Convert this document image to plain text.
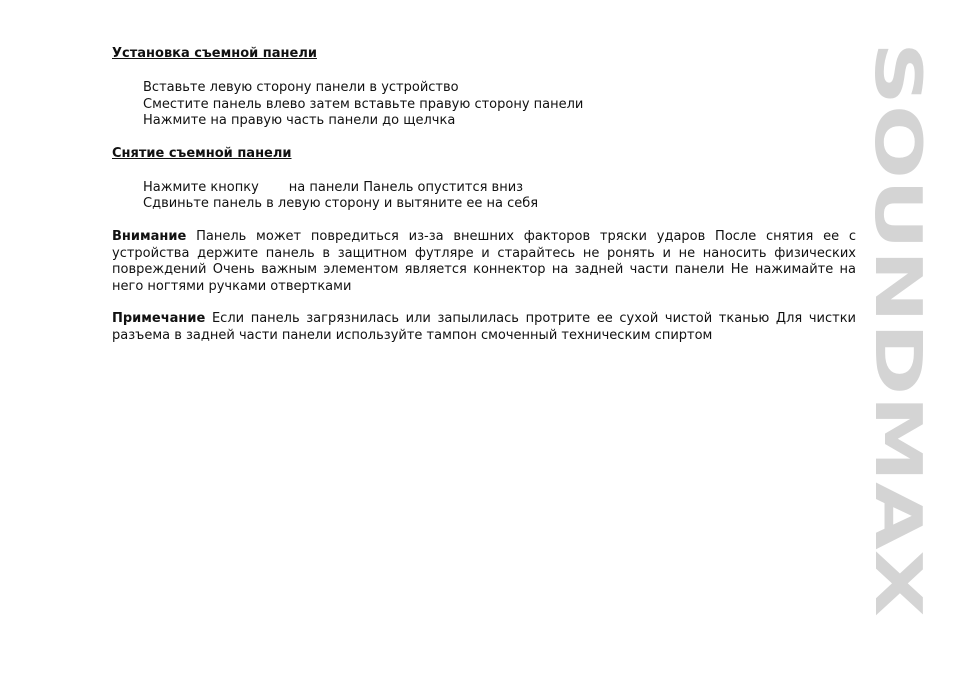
Установка съемной панели

Вставьте левую сторону панели в устройство
Сместите панель влево затем вставьте правую сторону панели
Нажмите на правую часть панели до щелчка

Снятие съемной панели

Нажмите кнопку на панели Панель опустится вниз
Сдвиньте панель в левую сторону и вытяните ее на себя

Внимание Панель может повредиться из-за внешних факторов тряски ударов После снятия ее с устройства держите панель в защитном футляре и старайтесь не ронять и не наносить физических повреждений Очень важным элементом является коннектор на задней части панели Не нажимайте на него ногтями ручками отвертками

Примечание Если панель загрязнилась или запылилась протрите ее сухой чистой тканью Для чистки разъема в задней части панели используйте тампон смоченный техническим спиртом	SOUNDMAX
